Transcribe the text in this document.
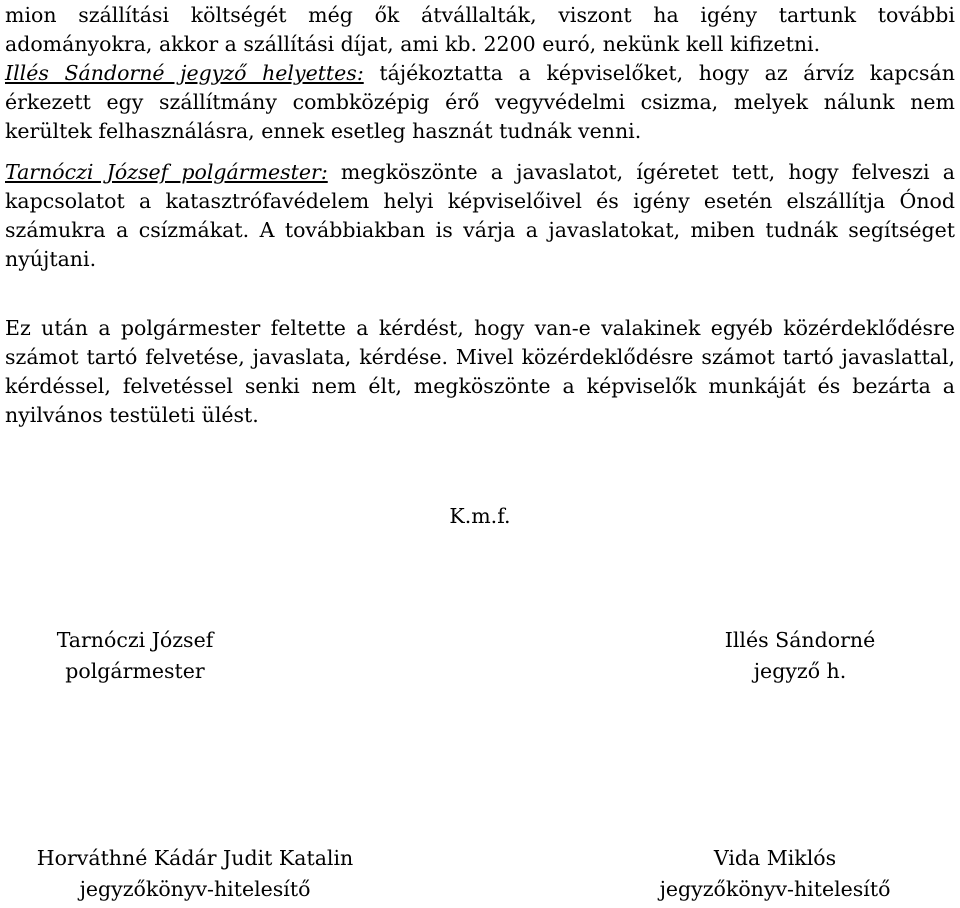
mion szállítási költségét még ők átvállalták, viszont ha igény tartunk további adományokra, akkor a szállítási díjat, ami kb. 2200 euró, nekünk kell kifizetni.

Illés Sándorné jegyző helyettes: tájékoztatta a képviselőket, hogy az árvíz kapcsán érkezett egy szállítmány combközépig érő vegyvédelmi csizma, melyek nálunk nem kerültek felhasználásra, ennek esetleg hasznát tudnák venni.

Tarnóczi József polgármester: megköszönte a javaslatot, ígéretet tett, hogy felveszi a kapcsolatot a katasztrófavédelem helyi képviselőivel és igény esetén elszállítja Ónod számukra a csízmákat. A továbbiakban is várja a javaslatokat, miben tudnák segítséget nyújtani.

Ez után a polgármester feltette a kérdést, hogy van-e valakinek egyéb közérdeklődésre számot tartó felvetése, javaslata, kérdése. Mivel közérdeklődésre számot tartó javaslattal, kérdéssel, felvetéssel senki nem élt, megköszönte a képviselők munkáját és bezárta a nyilvános testületi ülést.

K.m.f.
Tarnóczi József
polgármester
Illés Sándorné
jegyző h.
Horváthné Kádár Judit Katalin
jegyzőkönyv-hitelesítő
Vida Miklós
jegyzőkönyv-hitelesítő
